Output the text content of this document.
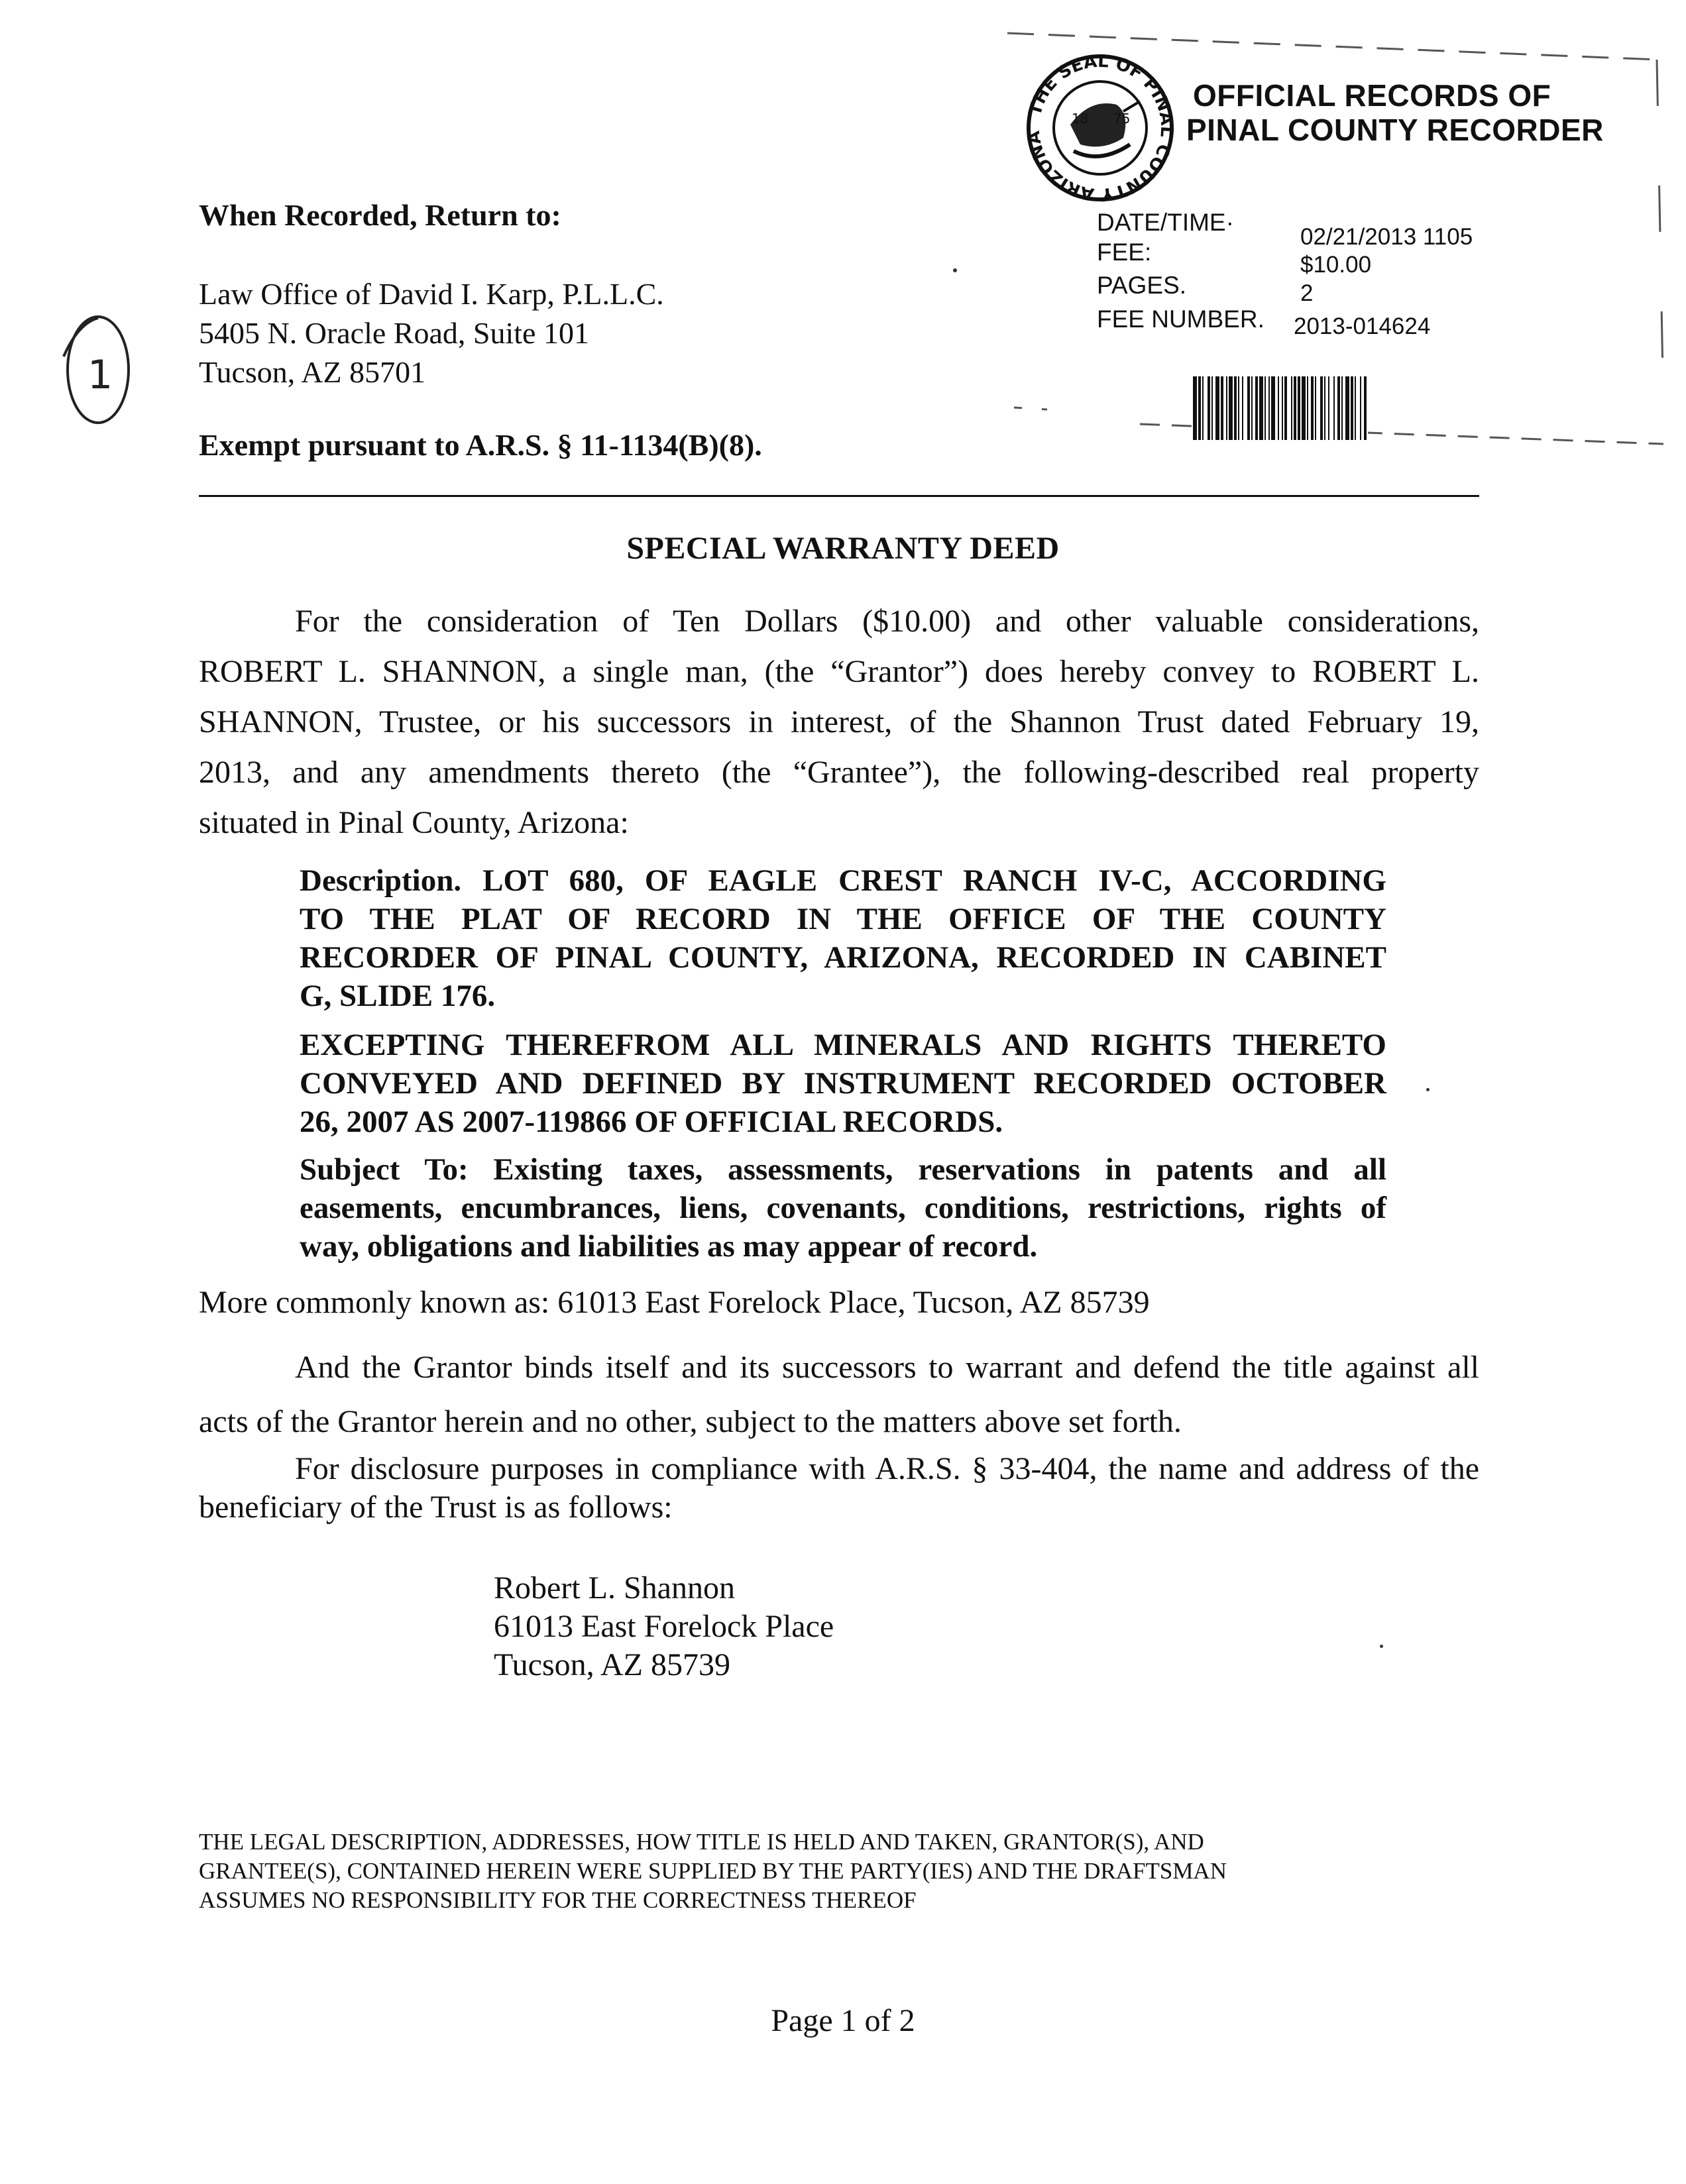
18 75
THE SEAL OF PINAL COUNTY ARIZONA
OFFICIAL RECORDS OF
PINAL COUNTY RECORDER
DATE/TIME·
02/21/2013 1105
FEE:	$10.00
PAGES.	2
FEE NUMBER. 2013-014624
1
When Recorded, Return to:
Law Office of David I. Karp, P.L.L.C.
5405 N. Oracle Road, Suite 101
Tucson, AZ 85701
Exempt pursuant to A.R.S. § 11-1134(B)(8).
SPECIAL WARRANTY DEED
For the consideration of Ten Dollars ($10.00) and other valuable considerations,
ROBERT L. SHANNON, a single man, (the “Grantor”) does hereby convey to ROBERT L.
SHANNON, Trustee, or his successors in interest, of the Shannon Trust dated February 19,
2013, and any amendments thereto (the “Grantee”), the following-described real property
situated in Pinal County, Arizona:
Description. LOT 680, OF EAGLE CREST RANCH IV-C, ACCORDING
TO THE PLAT OF RECORD IN THE OFFICE OF THE COUNTY
RECORDER OF PINAL COUNTY, ARIZONA, RECORDED IN CABINET
G, SLIDE 176.
EXCEPTING THEREFROM ALL MINERALS AND RIGHTS THERETO
CONVEYED AND DEFINED BY INSTRUMENT RECORDED OCTOBER
26, 2007 AS 2007-119866 OF OFFICIAL RECORDS.
Subject To: Existing taxes, assessments, reservations in patents and all
easements, encumbrances, liens, covenants, conditions, restrictions, rights of
way, obligations and liabilities as may appear of record.
More commonly known as: 61013 East Forelock Place, Tucson, AZ 85739
And the Grantor binds itself and its successors to warrant and defend the title against all
acts of the Grantor herein and no other, subject to the matters above set forth.
For disclosure purposes in compliance with A.R.S. § 33-404, the name and address of the
beneficiary of the Trust is as follows:
Robert L. Shannon
61013 East Forelock Place
Tucson, AZ 85739
THE LEGAL DESCRIPTION, ADDRESSES, HOW TITLE IS HELD AND TAKEN, GRANTOR(S), AND
GRANTEE(S), CONTAINED HEREIN WERE SUPPLIED BY THE PARTY(IES) AND THE DRAFTSMAN
ASSUMES NO RESPONSIBILITY FOR THE CORRECTNESS THEREOF
Page 1 of 2
